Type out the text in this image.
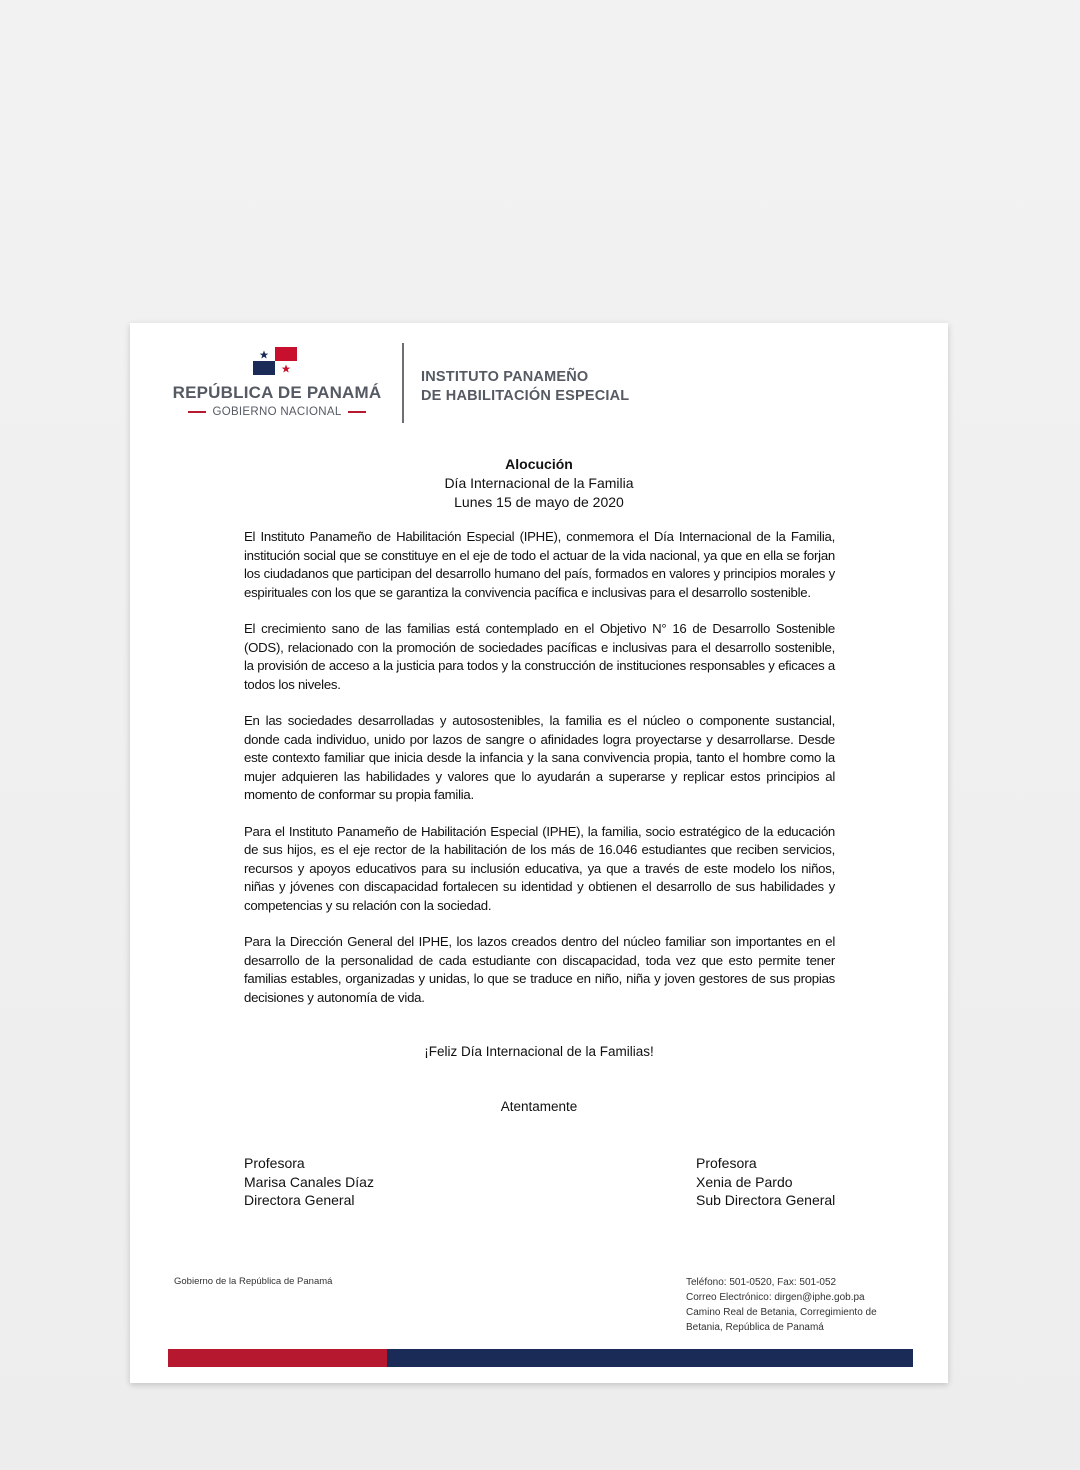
REPÚBLICA DE PANAMÁ
GOBIERNO NACIONAL
INSTITUTO PANAMEÑO
DE HABILITACIÓN ESPECIAL
Alocución
Día Internacional de la Familia
Lunes 15 de mayo de 2020

El Instituto Panameño de Habilitación Especial (IPHE), conmemora el Día Internacional de la Familia, institución social que se constituye en el eje de todo el actuar de la vida nacional, ya que en ella se forjan los ciudadanos que participan del desarrollo humano del país, formados en valores y principios morales y espirituales con los que se garantiza la convivencia pacífica e inclusivas para el desarrollo sostenible.

El crecimiento sano de las familias está contemplado en el Objetivo N° 16 de Desarrollo Sostenible (ODS), relacionado con la promoción de sociedades pacíficas e inclusivas para el desarrollo sostenible, la provisión de acceso a la justicia para todos y la construcción de instituciones responsables y eficaces a todos los niveles.

En las sociedades desarrolladas y autosostenibles, la familia es el núcleo o componente sustancial, donde cada individuo, unido por lazos de sangre o afinidades logra proyectarse y desarrollarse. Desde este contexto familiar que inicia desde la infancia y la sana convivencia propia, tanto el hombre como la mujer adquieren las habilidades y valores que lo ayudarán a superarse y replicar estos principios al momento de conformar su propia familia.

Para el Instituto Panameño de Habilitación Especial (IPHE), la familia, socio estratégico de la educación de sus hijos, es el eje rector de la habilitación de los más de 16.046 estudiantes que reciben servicios, recursos y apoyos educativos para su inclusión educativa, ya que a través de este modelo los niños, niñas y jóvenes con discapacidad fortalecen su identidad y obtienen el desarrollo de sus habilidades y competencias y su relación con la sociedad.

Para la Dirección General del IPHE, los lazos creados dentro del núcleo familiar son importantes en el desarrollo de la personalidad de cada estudiante con discapacidad, toda vez que esto permite tener familias estables, organizadas y unidas, lo que se traduce en niño, niña y joven gestores de sus propias decisiones y autonomía de vida.

¡Feliz Día Internacional de la Familias!
Atentamente
Profesora
Marisa Canales Díaz
Directora General
Profesora
Xenia de Pardo
Sub Directora General
Gobierno de la República de Panamá	Teléfono: 501-0520, Fax: 501-052
Correo Electrónico: dirgen@iphe.gob.pa
Camino Real de Betania, Corregimiento de
Betania, República de Panamá
